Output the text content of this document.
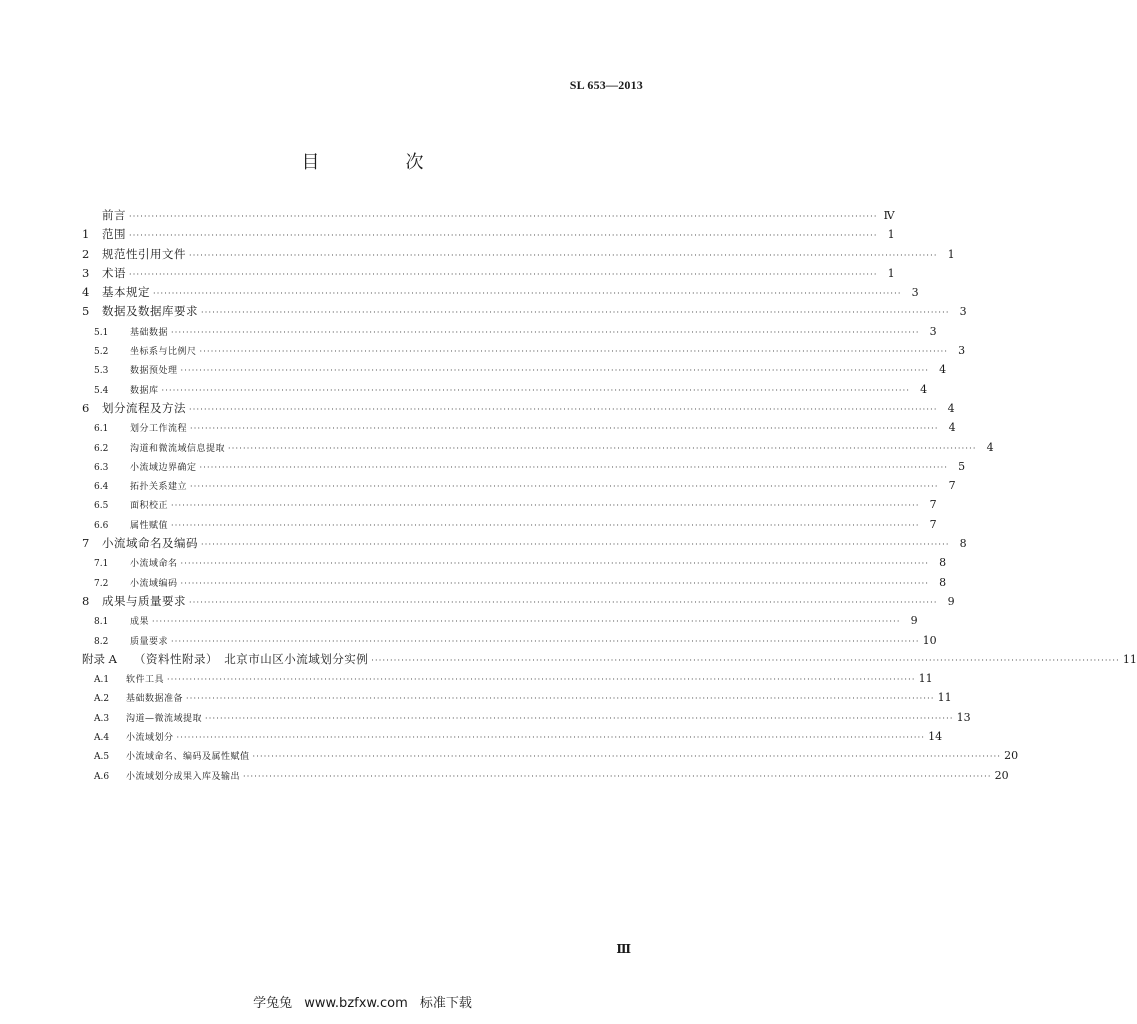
SL 653—2013
目　次
前言 ········································································································································································································ Ⅳ
1	范围 ········································································································································································································ 1
2	规范性引用文件 ········································································································································································································ 1
3	术语 ········································································································································································································ 1
4	基本规定 ········································································································································································································ 3
5	数据及数据库要求 ········································································································································································································ 3
5.1	基础数据 ········································································································································································································ 3
5.2	坐标系与比例尺 ········································································································································································································ 3
5.3	数据预处理 ········································································································································································································ 4
5.4	数据库 ········································································································································································································ 4
6	划分流程及方法 ········································································································································································································ 4
6.1	划分工作流程 ········································································································································································································ 4
6.2	沟道和微流域信息提取 ········································································································································································································ 4
6.3	小流域边界确定 ········································································································································································································ 5
6.4	拓扑关系建立 ········································································································································································································ 7
6.5	面积校正 ········································································································································································································ 7
6.6	属性赋值 ········································································································································································································ 7
7	小流域命名及编码 ········································································································································································································ 8
7.1	小流域命名 ········································································································································································································ 8
7.2	小流域编码 ········································································································································································································ 8
8	成果与质量要求 ········································································································································································································ 9
8.1	成果 ········································································································································································································ 9
8.2	质量要求 ········································································································································································································ 10
附录 A	（资料性附录）　北京市山区小流域划分实例 ········································································································································································································ 11
A.1	软件工具 ········································································································································································································ 11
A.2	基础数据准备 ········································································································································································································ 11
A.3	沟道—微流域提取 ········································································································································································································ 13
A.4	小流域划分 ········································································································································································································ 14
A.5	小流域命名、编码及属性赋值 ········································································································································································································ 20
A.6	小流域划分成果入库及输出 ········································································································································································································ 20
Ⅲ
学兔兔 www.bzfxw.com 标准下载
